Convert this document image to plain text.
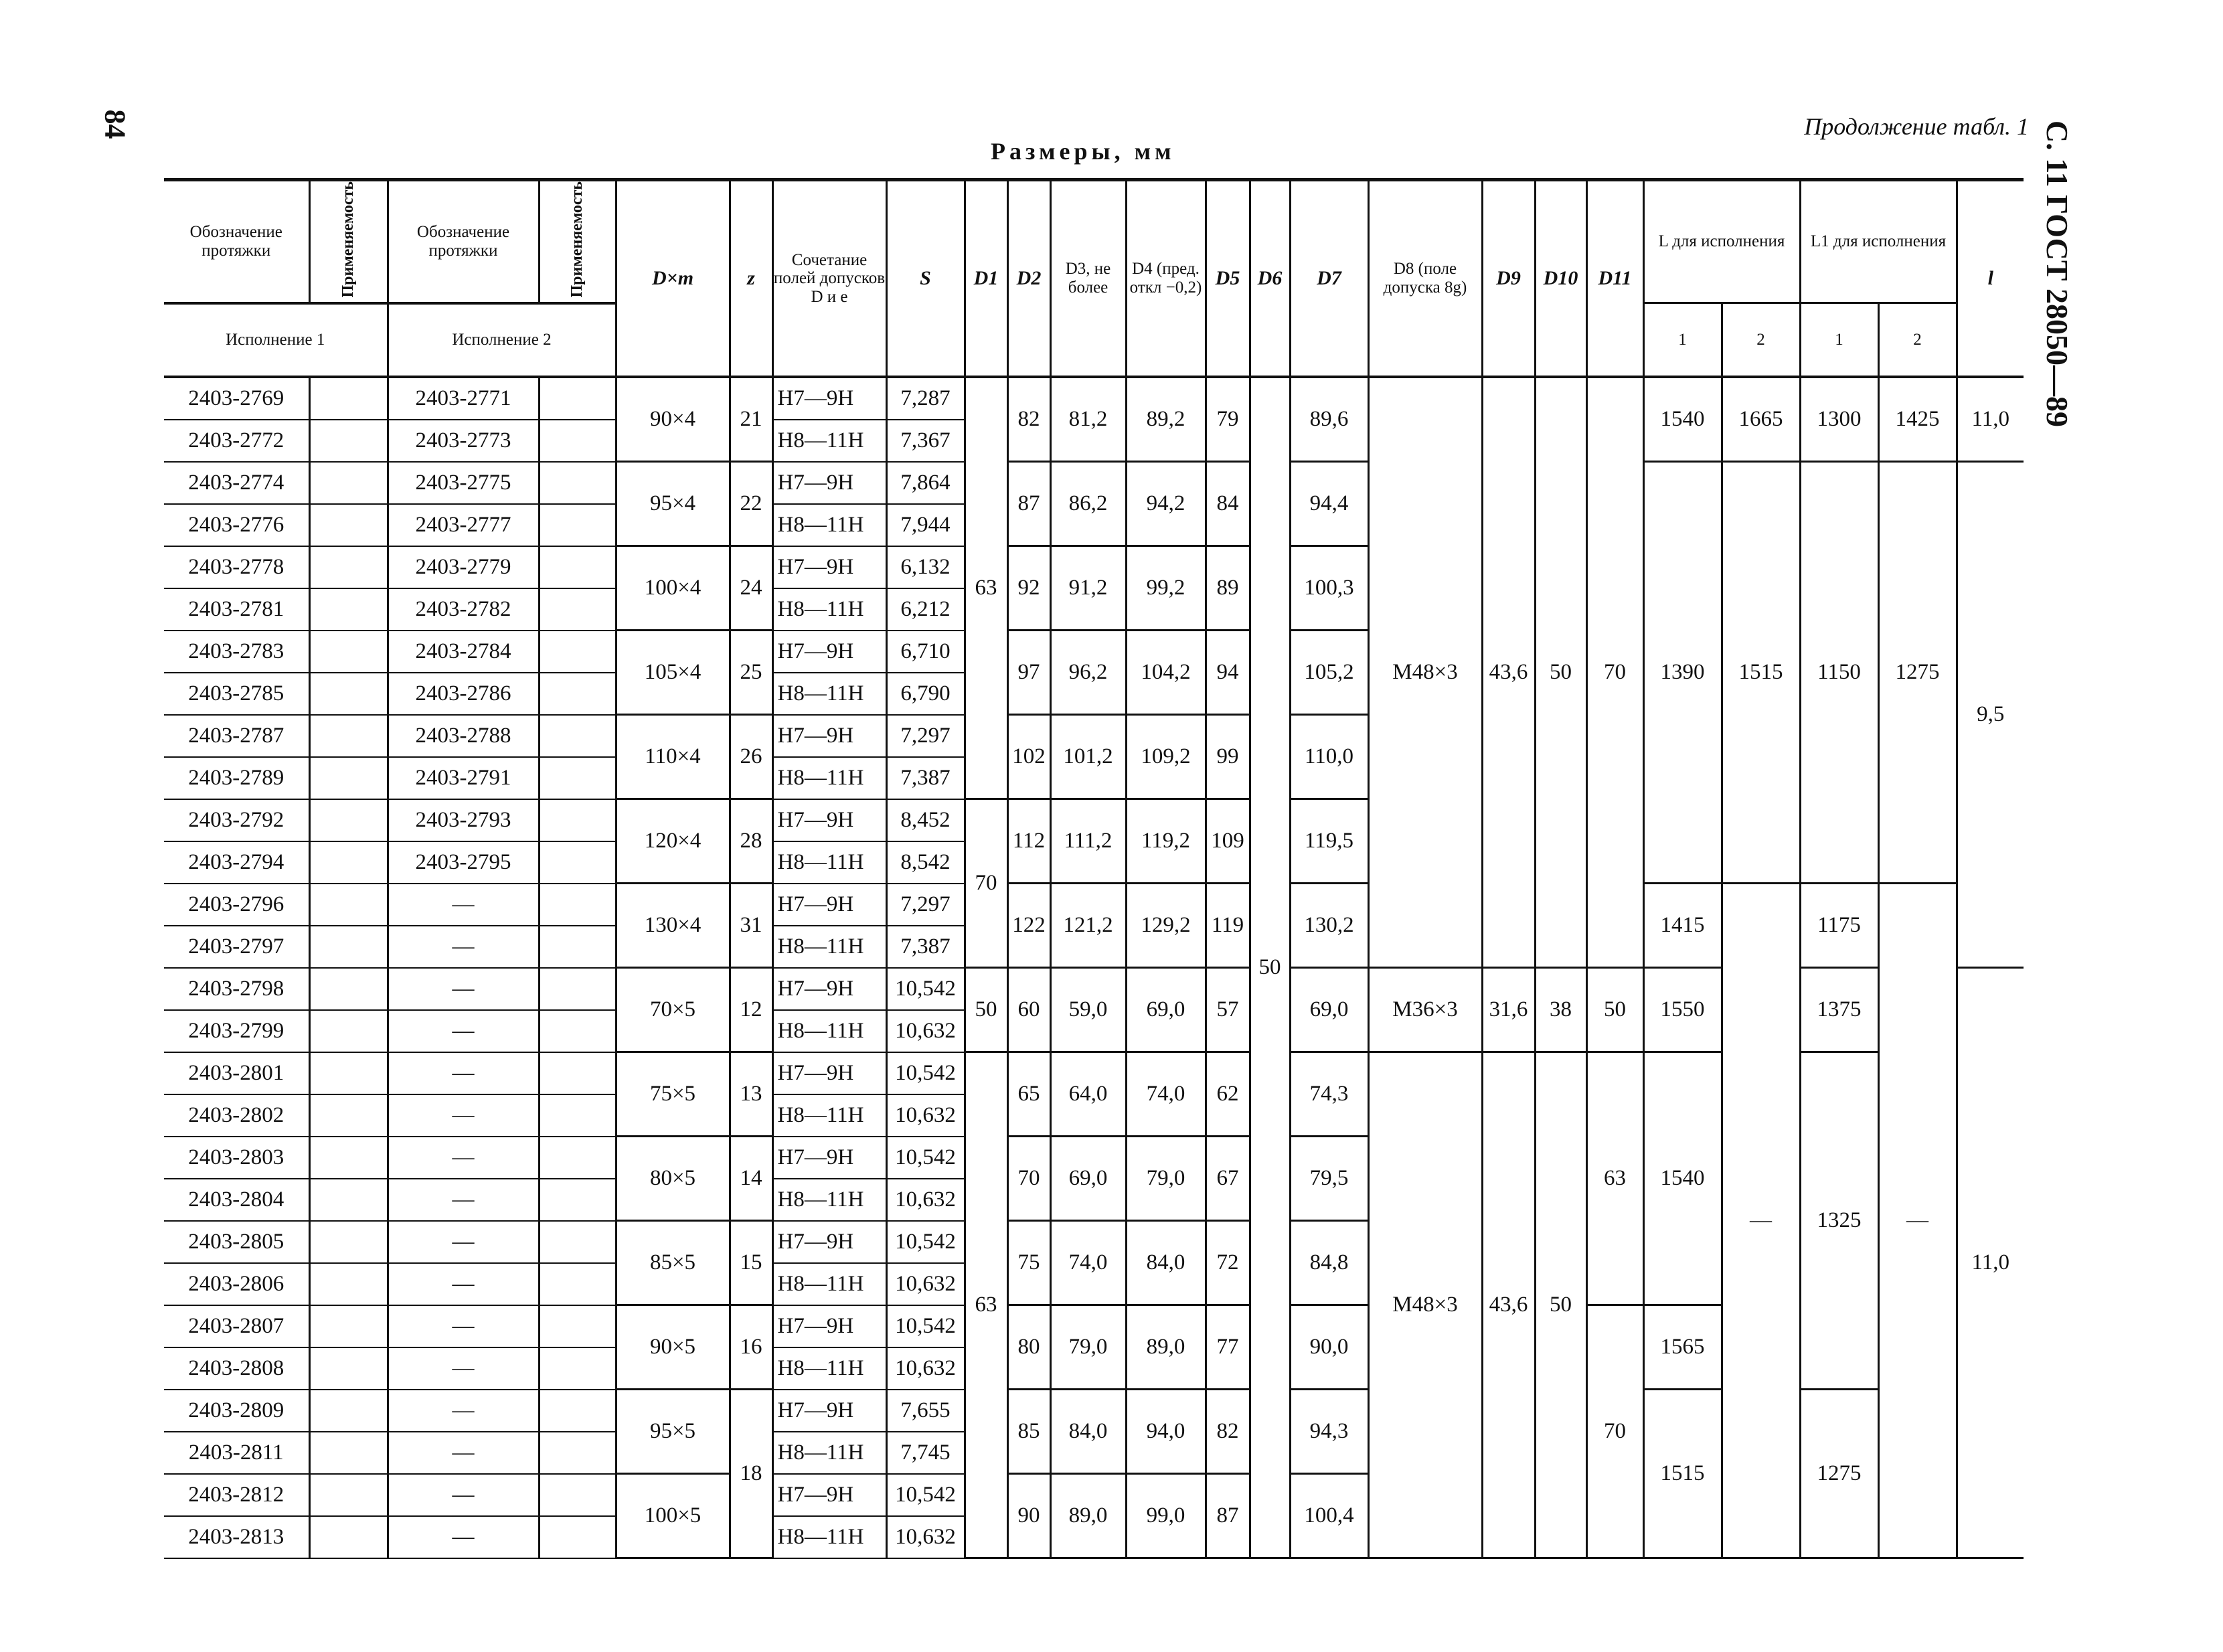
84	Продолжение табл. 1
Размеры, мм	С. 11 ГОСТ 28050—89
Обозначение протяжки	Применяемость	Обозначение протяжки	Применяемость	D×m	z	Сочетание полей допусков D и e	S	D1	D2	D3, не более	D4 (пред. откл −0,2)	D5	D6	D7	D8 (поле допуска 8g)	D9	D10	D11	L для исполнения		L1 для исполнения		l
Исполнение 1		Исполнение 2																	1	2	1	2	
2403-2769		2403-2771		90×4	21	H7—9H	7,287	63	82	81,2	89,2	79	50	89,6	M48×3	43,6	50	70	1540	1665	1300	1425	11,0
2403-2772		2403-2773				H8—11H	7,367																
2403-2774		2403-2775		95×4	22	H7—9H	7,864		87	86,2	94,2	84		94,4					1390	1515	1150	1275	9,5
2403-2776		2403-2777				H8—11H	7,944																
2403-2778		2403-2779		100×4	24	H7—9H	6,132		92	91,2	99,2	89		100,3									
2403-2781		2403-2782				H8—11H	6,212																
2403-2783		2403-2784		105×4	25	H7—9H	6,710		97	96,2	104,2	94		105,2									
2403-2785		2403-2786				H8—11H	6,790																
2403-2787		2403-2788		110×4	26	H7—9H	7,297		102	101,2	109,2	99		110,0									
2403-2789		2403-2791				H8—11H	7,387																
2403-2792		2403-2793		120×4	28	H7—9H	8,452	70	112	111,2	119,2	109		119,5									
2403-2794		2403-2795				H8—11H	8,542																
2403-2796		—		130×4	31	H7—9H	7,297		122	121,2	129,2	119		130,2					1415	—	1175	—	
2403-2797		—				H8—11H	7,387																
2403-2798		—		70×5	12	H7—9H	10,542	50	60	59,0	69,0	57		69,0	M36×3	31,6	38	50	1550		1375		11,0
2403-2799		—				H8—11H	10,632																
2403-2801		—		75×5	13	H7—9H	10,542	63	65	64,0	74,0	62		74,3	M48×3	43,6	50	63	1540		1325		
2403-2802		—				H8—11H	10,632																
2403-2803		—		80×5	14	H7—9H	10,542		70	69,0	79,0	67		79,5									
2403-2804		—				H8—11H	10,632																
2403-2805		—		85×5	15	H7—9H	10,542		75	74,0	84,0	72		84,8									
2403-2806		—				H8—11H	10,632																
2403-2807		—		90×5	16	H7—9H	10,542		80	79,0	89,0	77		90,0				70	1565				
2403-2808		—				H8—11H	10,632																
2403-2809		—		95×5	18	H7—9H	7,655		85	84,0	94,0	82		94,3					1515		1275		
2403-2811		—				H8—11H	7,745																
2403-2812		—		100×5		H7—9H	10,542		90	89,0	99,0	87		100,4									
2403-2813		—				H8—11H	10,632																
